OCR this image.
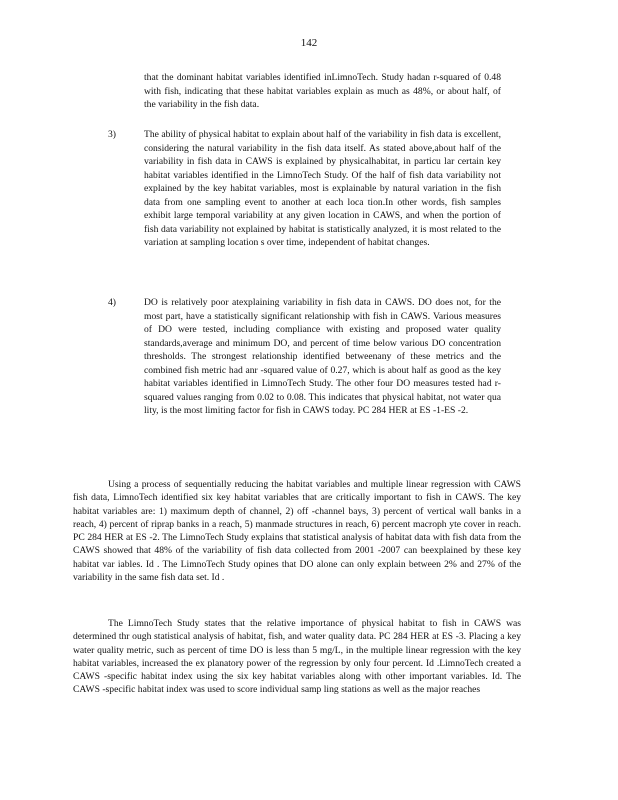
142
that the dominant habitat variables identified inLimnoTech. Study hadan r-squared of 0.48 with fish, indicating that these habitat variables explain as much as 48%, or about half, of the variability in the fish data.
3)	The ability of physical habitat to explain about half of the variability in fish data is excellent, considering the natural variability in the fish data itself. As stated above,about half of the variability in fish data in CAWS is explained by physicalhabitat, in particu lar certain key habitat variables identified in the LimnoTech Study. Of the half of fish data variability not explained by the key habitat variables, most is explainable by natural variation in the fish data from one sampling event to another at each loca tion.In other words, fish samples exhibit large temporal variability at any given location in CAWS, and when the portion of fish data variability not explained by habitat is statistically analyzed, it is most related to the variation at sampling location s over time, independent of habitat changes.
4)	DO is relatively poor atexplaining variability in fish data in CAWS. DO does not, for the most part, have a statistically significant relationship with fish in CAWS. Various measures of DO were tested, including compliance with existing and proposed water quality standards,average and minimum DO, and percent of time below various DO concentration thresholds. The strongest relationship identified betweenany of these metrics and the combined fish metric had anr -squared value of 0.27, which is about half as good as the key habitat variables identified in LimnoTech Study. The other four DO measures tested had r-squared values ranging from 0.02 to 0.08. This indicates that physical habitat, not water qua lity, is the most limiting factor for fish in CAWS today. PC 284 HER at ES -1-ES -2.
Using a process of sequentially reducing the habitat variables and multiple linear regression with CAWS fish data, LimnoTech identified six key habitat variables that are critically important to fish in CAWS. The key habitat variables are: 1) maximum depth of channel, 2) off -channel bays, 3) percent of vertical wall banks in a reach, 4) percent of riprap banks in a reach, 5) manmade structures in reach, 6) percent macroph yte cover in reach. PC 284 HER at ES -2. The LimnoTech Study explains that statistical analysis of habitat data with fish data from the CAWS showed that 48% of the variability of fish data collected from 2001 -2007 can beexplained by these key habitat var iables. Id . The LimnoTech Study opines that DO alone can only explain between 2% and 27% of the variability in the same fish data set. Id .
The LimnoTech Study states that the relative importance of physical habitat to fish in CAWS was determined thr ough statistical analysis of habitat, fish, and water quality data. PC 284 HER at ES -3. Placing a key water quality metric, such as percent of time DO is less than 5 mg/L, in the multiple linear regression with the key habitat variables, increased the ex planatory power of the regression by only four percent. Id .LimnoTech created a CAWS -specific habitat index using the six key habitat variables along with other important variables. Id. The CAWS -specific habitat index was used to score individual samp ling stations as well as the major reaches
